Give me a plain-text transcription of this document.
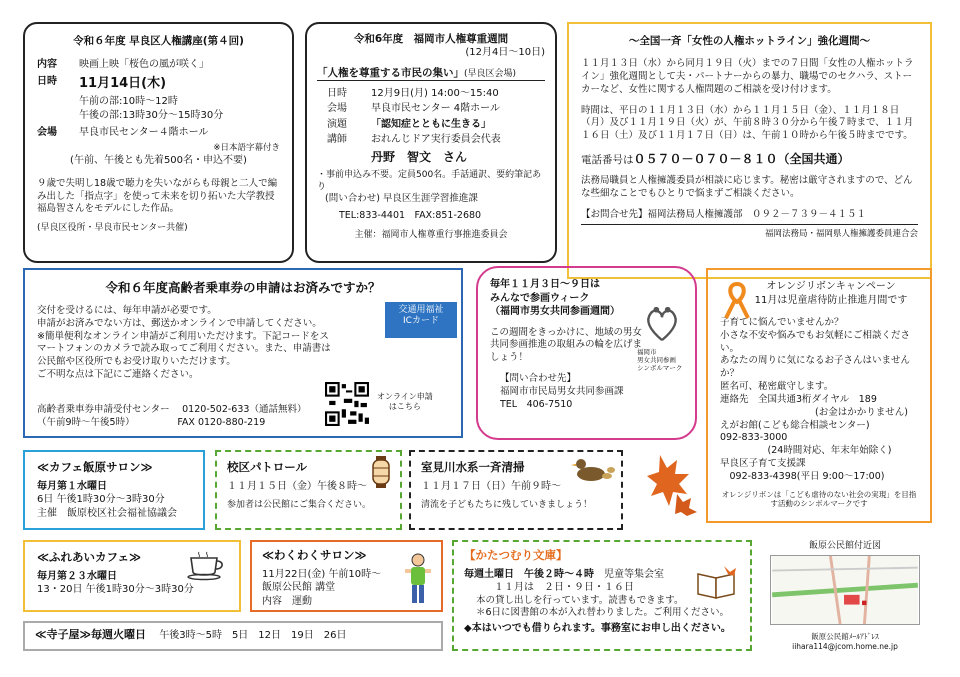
令和６年度 早良区人権講座(第４回)
内容	映画上映「桜色の風が咲く」
日時	11月14日(木)
午前の部:10時～12時
午後の部:13時30分～15時30分
会場	早良市民センター４階ホール
※日本語字幕付き
(午前、午後とも先着500名・申込不要)
９歳で失明し18歳で聴力を失いながらも母親と二人で編み出した「指点字」を使って未来を切り拓いた大学教授福島智さんをモデルにした作品。
(早良区役所・早良市民センター共催)
令和6年度　福岡市人権尊重週間
(12月4日～10日)
「人権を尊重する市民の集い」(早良区会場)
日時	12月9日(月) 14:00～15:40
会場	早良市民センター 4階ホール
演題	「認知症とともに生きる」
講師	おれんじドア実行委員会代表
丹野　智文　さん
・事前申込み不要。定員500名。手話通訳、要約筆記あり
(問い合わせ) 早良区生涯学習推進課
TEL:833-4401　FAX:851-2680
主催：福岡市人権尊重行事推進委員会
～全国一斉「女性の人権ホットライン」強化週間～
１１月１３日（水）から同月１９日（火）までの７日間「女性の人権ホットライン」強化週間として夫・パートナーからの暴力、職場でのセクハラ、ストーカーなど、女性に関する人権問題のご相談を受け付けます。
時間は、平日の１１月１３日（水）から１１月１５日（金）、１１月１８日（月）及び１１月１９日（火）が、午前８時３０分から午後７時まで、１１月１６日（土）及び１１月１７日（日）は、午前１０時から午後５時までです。
電話番号は０５７０－０７０－８１０（全国共通）
法務局職員と人権擁護委員が相談に応じます。秘密は厳守されますので、どんな些細なことでもひとりで悩まずご相談ください。
【お問合せ先】福岡法務局人権擁護部　０９２－７３９－４１５１
福岡法務局・福岡県人権擁護委員連合会
令和６年度高齢者乗車券の申請はお済みですか？
交付を受けるには、毎年申請が必要です。
申請がお済みでない方は、郵送かオンラインで申請してください。
※簡単便利なオンライン申請がご利用いただけます。下記コードをスマートフォンのカメラで読み取ってご利用ください。また、申請書は公民館や区役所でもお受け取りいただけます。
ご不明な点は下記にご連絡ください。
交通用福祉
ICカード
オンライン申請
はこちら
高齢者乗車券申請受付センター　 0120-502-633（通話無料）
（午前9時～午後5時）　　　　　FAX 0120-880-219
毎年１１月３日～９日は
みんなで参画ウィーク
（福岡市男女共同参画週間）
福岡市
男女共同参画
シンボルマーク
この週間をきっかけに、地域の男女共同参画推進の取組みの輪を広げましょう！
【問い合わせ先】
福岡市市民局男女共同参画課
TEL　406-7510
オレンジリボンキャンペーン
11月は児童虐待防止推進月間です
子育てに悩んでいませんか？
小さな不安や悩みでもお気軽にご相談ください。
あなたの周りに気になるお子さんはいませんか？
匿名可、秘密厳守します。
連絡先　全国共通3桁ダイヤル　189
　　　　　　　　　　(お金はかかりません)
えがお館(こども総合相談センター)
092-833-3000
　　　　　(24時間対応、年末年始除く)
早良区子育て支援課
　092-833-4398(平日 9:00～17:00)
オレンジリボンは「こども虐待のない社会の実現」を目指す活動のシンボルマークです
≪カフェ飯原サロン≫
毎月第１水曜日
6日 午後1時30分～3時30分
主催　飯原校区社会福祉協議会
校区パトロール
１１月１５日（金）午後８時～
参加者は公民館にご集合ください。
室見川水系一斉清掃
１１月１７日（日）午前９時～
清流を子どもたちに残していきましょう！
≪ふれあいカフェ≫
毎月第２３水曜日
13・20日 午後1時30分～3時30分
≪わくわくサロン≫
11月22日(金) 午前10時～
飯原公民館 講堂
内容　運動
【かたつむり文庫】
毎週土曜日　午後２時～４時　 児童等集会室
１１月は　２日・９日・１６日
本の貸し出しを行っています。読書もできます。
＊6日に図書館の本が入れ替わりました。ご利用ください。
◆本はいつでも借りられます。事務室にお申し出ください。
≪寺子屋≫毎週火曜日 午後3時～5時　5日　12日　19日　26日
飯原公民館付近図
■
飯原公民館ﾒｰﾙｱﾄﾞﾚｽ
iihara114@jcom.home.ne.jp
